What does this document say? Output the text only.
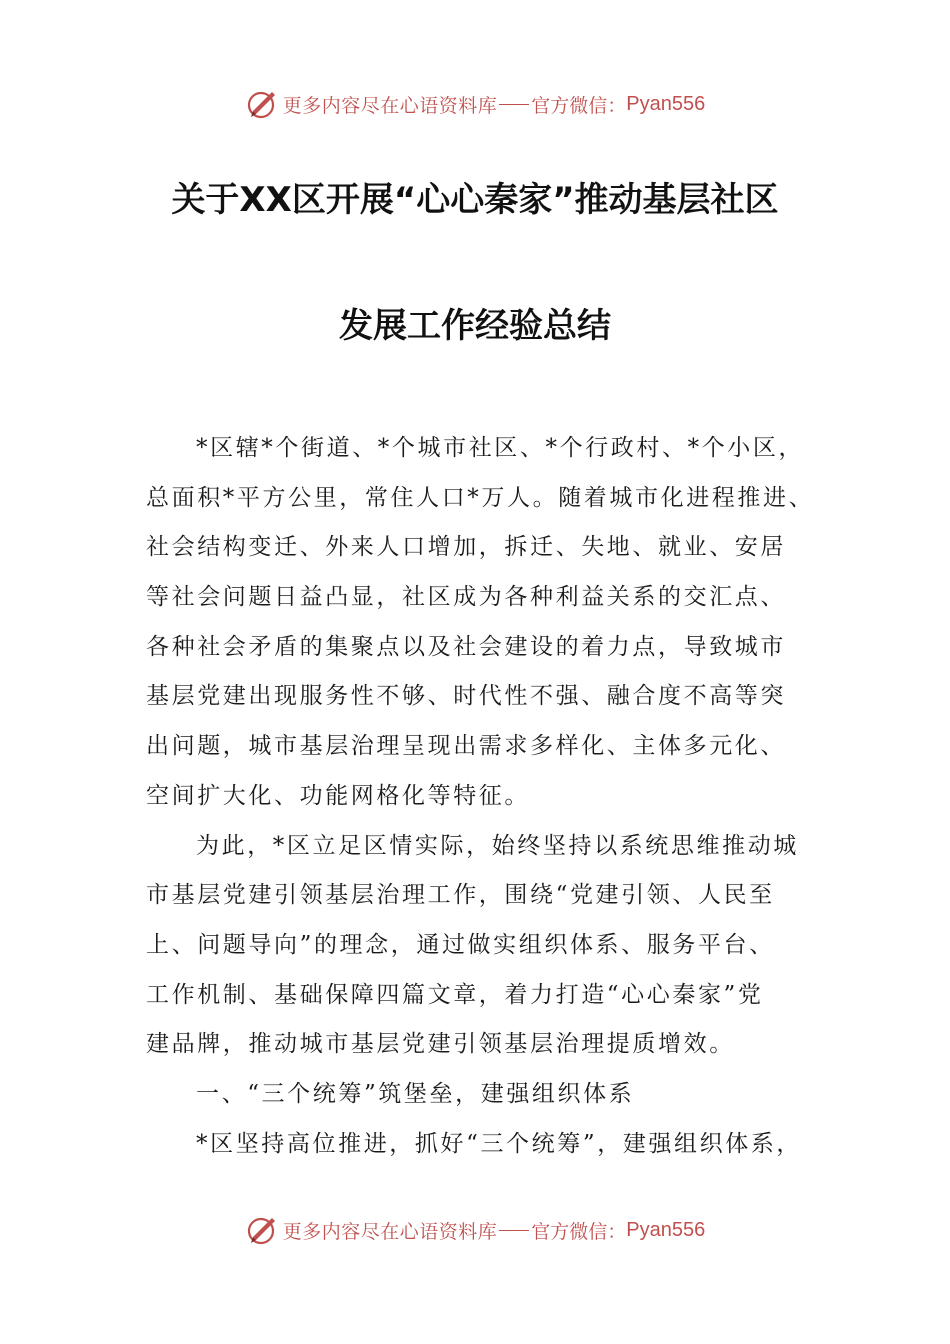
更多内容尽在心语资料库 官方微信： Pyan556
关于XX区开展“心心秦家”推动基层社区
发展工作经验总结
*区辖*个街道、*个城市社区、*个行政村、*个小区，
总面积*平方公里，常住人口*万人。随着城市化进程推进、
社会结构变迁、外来人口增加，拆迁、失地、就业、安居
等社会问题日益凸显，社区成为各种利益关系的交汇点、
各种社会矛盾的集聚点以及社会建设的着力点，导致城市
基层党建出现服务性不够、时代性不强、融合度不高等突
出问题，城市基层治理呈现出需求多样化、主体多元化、
空间扩大化、功能网格化等特征。
为此，*区立足区情实际，始终坚持以系统思维推动城
市基层党建引领基层治理工作，围绕“党建引领、人民至
上、问题导向”的理念，通过做实组织体系、服务平台、
工作机制、基础保障四篇文章，着力打造“心心秦家”党
建品牌，推动城市基层党建引领基层治理提质增效。
一、“三个统筹”筑堡垒，建强组织体系
*区坚持高位推进，抓好“三个统筹”，建强组织体系，
更多内容尽在心语资料库 官方微信： Pyan556
